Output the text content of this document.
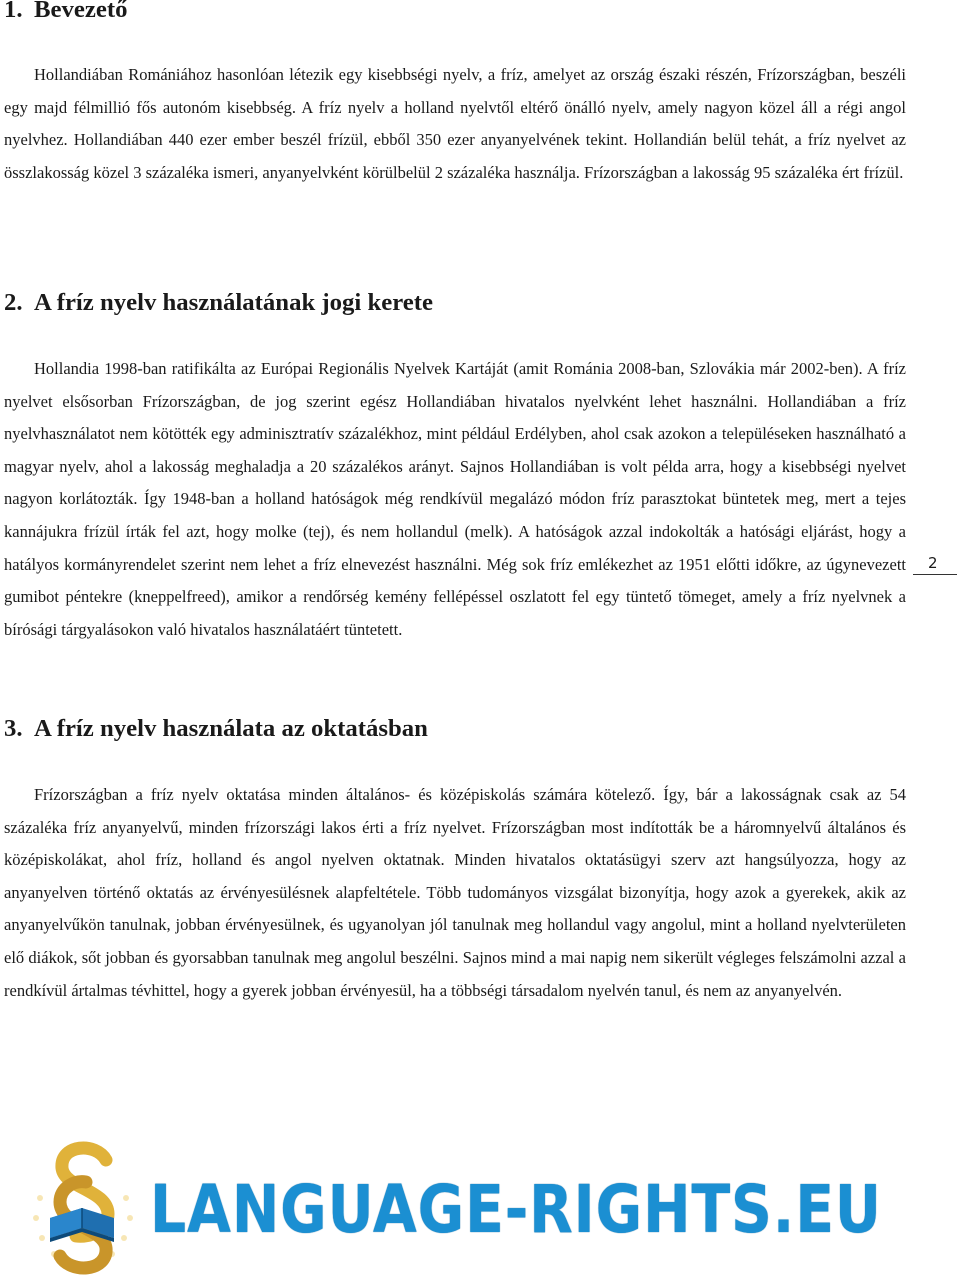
1. Bevezető

Hollandiában Romániához hasonlóan létezik egy kisebbségi nyelv, a fríz, amelyet az ország északi részén, Frízországban, beszéli egy majd félmillió fős autonóm kisebbség. A fríz nyelv a holland nyelvtől eltérő önálló nyelv, amely nagyon közel áll a régi angol nyelvhez. Hollandiában 440 ezer ember beszél frízül, ebből 350 ezer anyanyelvének tekint. Hollandián belül tehát, a fríz nyelvet az összlakosság közel 3 százaléka ismeri, anyanyelvként körülbelül 2 százaléka használja. Frízországban a lakosság 95 százaléka ért frízül.

2. A fríz nyelv használatának jogi kerete

Hollandia 1998-ban ratifikálta az Európai Regionális Nyelvek Kartáját (amit Románia 2008-ban, Szlovákia már 2002-ben). A fríz nyelvet elsősorban Frízországban, de jog szerint egész Hollandiában hivatalos nyelvként lehet használni. Hollandiában a fríz nyelvhasználatot nem kötötték egy adminisztratív százalékhoz, mint például Erdélyben, ahol csak azokon a településeken használható a magyar nyelv, ahol a lakosság meghaladja a 20 százalékos arányt. Sajnos Hollandiában is volt példa arra, hogy a kisebbségi nyelvet nagyon korlátozták. Így 1948-ban a holland hatóságok még rendkívül megalázó módon fríz parasztokat büntetek meg, mert a tejes kannájukra frízül írták fel azt, hogy molke (tej), és nem hollandul (melk). A hatóságok azzal indokolták a hatósági eljárást, hogy a hatályos kormányrendelet szerint nem lehet a fríz elnevezést használni. Még sok fríz emlékezhet az 1951 előtti időkre, az úgynevezett gumibot péntekre (kneppelfreed), amikor a rendőrség kemény fellépéssel oszlatott fel egy tüntető tömeget, amely a fríz nyelvnek a bírósági tárgyalásokon való hivatalos használatáért tüntetett.

3. A fríz nyelv használata az oktatásban

Frízországban a fríz nyelv oktatása minden általános- és középiskolás számára kötelező. Így, bár a lakosságnak csak az 54 százaléka fríz anyanyelvű, minden frízországi lakos érti a fríz nyelvet. Frízországban most indították be a háromnyelvű általános és középiskolákat, ahol fríz, holland és angol nyelven oktatnak. Minden hivatalos oktatásügyi szerv azt hangsúlyozza, hogy az anyanyelven történő oktatás az érvényesülésnek alapfeltétele. Több tudományos vizsgálat bizonyítja, hogy azok a gyerekek, akik az anyanyelvűkön tanulnak, jobban érvényesülnek, és ugyanolyan jól tanulnak meg hollandul vagy angolul, mint a holland nyelvterületen elő diákok, sőt jobban és gyorsabban tanulnak meg angolul beszélni. Sajnos mind a mai napig nem sikerült végleges felszámolni azzal a rendkívül ártalmas tévhittel, hogy a gyerek jobban érvényesül, ha a többségi társadalom nyelvén tanul, és nem az anyanyelvén.

2
LANGUAGE-RIGHTS.EU
